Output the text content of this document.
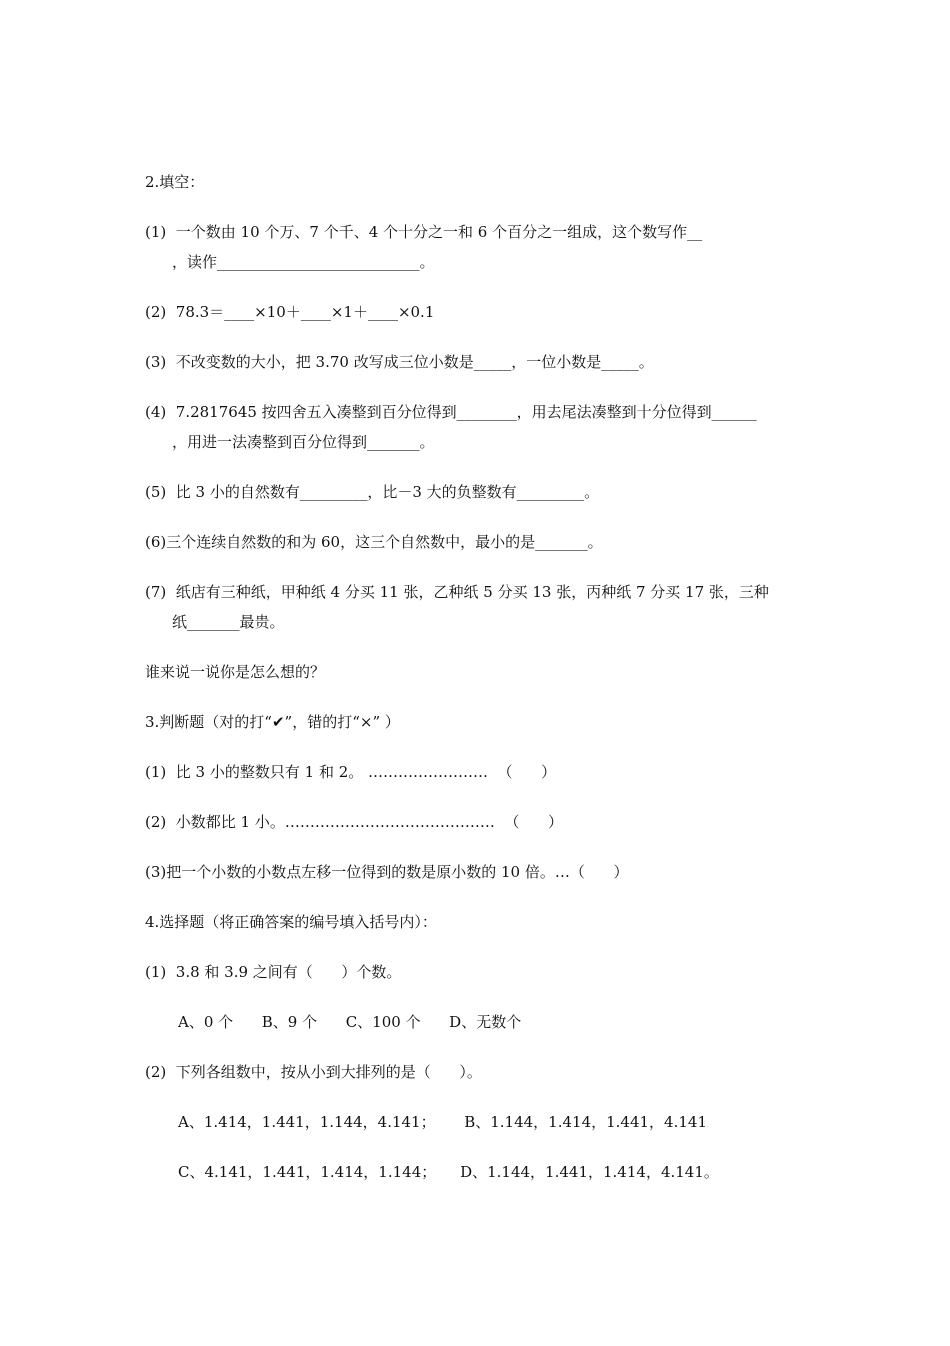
2.填空：
(1)  一个数由 10 个万、7 个千、4 个十分之一和 6 个百分之一组成，这个数写作__
，读作___________________________。
(2)  78.3＝____×10＋____×1＋____×0.1
(3)  不改变数的大小，把 3.70 改写成三位小数是_____，一位小数是_____。
(4)  7.2817645 按四舍五入凑整到百分位得到________，用去尾法凑整到十分位得到______
，用进一法凑整到百分位得到_______。
(5)  比 3 小的自然数有_________，比－3 大的负整数有_________。
(6)三个连续自然数的和为 60，这三个自然数中，最小的是_______。
(7)  纸店有三种纸，甲种纸 4 分买 11 张，乙种纸 5 分买 13 张，丙种纸 7 分买 17 张，三种
纸_______最贵。
谁来说一说你是怎么想的？
3.判断题（对的打“✔”，错的打“×” ）
(1)  比 3 小的整数只有 1 和 2。 ……………………  （      ）
(2)  小数都比 1 小。……………………………………  （      ）
(3)把一个小数的小数点左移一位得到的数是原小数的 10 倍。…（      ）
4.选择题（将正确答案的编号填入括号内）：
(1)  3.8 和 3.9 之间有（      ）个数。
A、0 个      B、9 个      C、100 个      D、无数个
(2)  下列各组数中，按从小到大排列的是（      ）。
A、1.414，1.441，1.144，4.141；      B、1.144，1.414，1.441，4.141
C、4.141，1.441，1.414，1.144；     D、1.144，1.441，1.414，4.141。
